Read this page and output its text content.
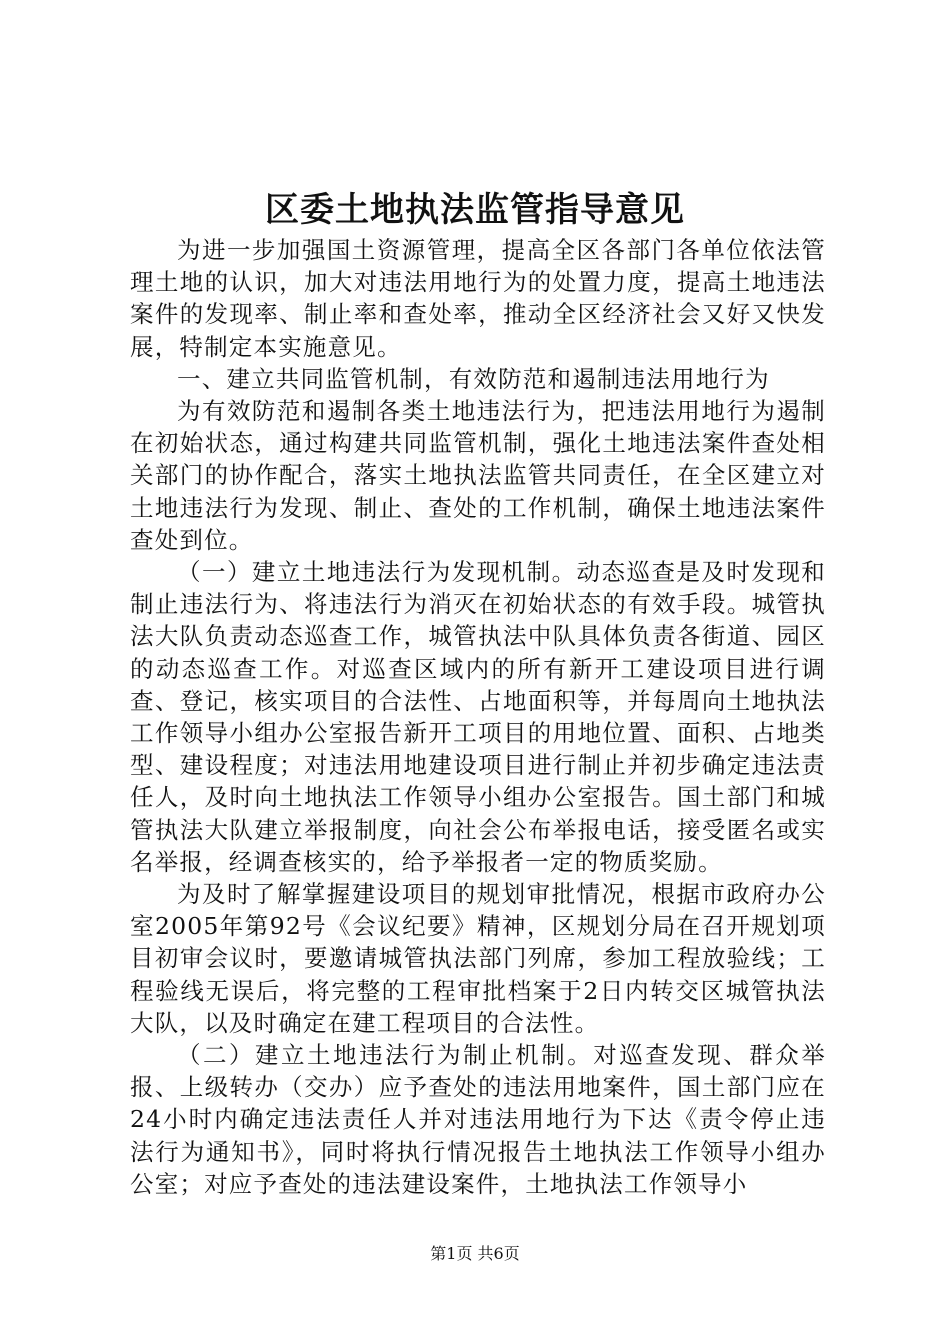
区委土地执法监管指导意见

为进一步加强国土资源管理，提高全区各部门各单位依法管理土地的认识，加大对违法用地行为的处置力度，提高土地违法案件的发现率、制止率和查处率，推动全区经济社会又好又快发展，特制定本实施意见。

一、建立共同监管机制，有效防范和遏制违法用地行为

为有效防范和遏制各类土地违法行为，把违法用地行为遏制在初始状态，通过构建共同监管机制，强化土地违法案件查处相关部门的协作配合，落实土地执法监管共同责任，在全区建立对土地违法行为发现、制止、查处的工作机制，确保土地违法案件查处到位。

（一）建立土地违法行为发现机制。动态巡查是及时发现和制止违法行为、将违法行为消灭在初始状态的有效手段。城管执法大队负责动态巡查工作，城管执法中队具体负责各街道、园区的动态巡查工作。对巡查区域内的所有新开工建设项目进行调查、登记，核实项目的合法性、占地面积等，并每周向土地执法工作领导小组办公室报告新开工项目的用地位置、面积、占地类型、建设程度；对违法用地建设项目进行制止并初步确定违法责任人，及时向土地执法工作领导小组办公室报告。国土部门和城管执法大队建立举报制度，向社会公布举报电话，接受匿名或实名举报，经调查核实的，给予举报者一定的物质奖励。

为及时了解掌握建设项目的规划审批情况，根据市政府办公室2005年第92号《会议纪要》精神，区规划分局在召开规划项目初审会议时，要邀请城管执法部门列席，参加工程放验线；工程验线无误后，将完整的工程审批档案于2日内转交区城管执法大队，以及时确定在建工程项目的合法性。

（二）建立土地违法行为制止机制。对巡查发现、群众举报、上级转办（交办）应予查处的违法用地案件，国土部门应在24小时内确定违法责任人并对违法用地行为下达《责令停止违法行为通知书》，同时将执行情况报告土地执法工作领导小组办公室；对应予查处的违法建设案件，土地执法工作领导小

第1页 共6页
